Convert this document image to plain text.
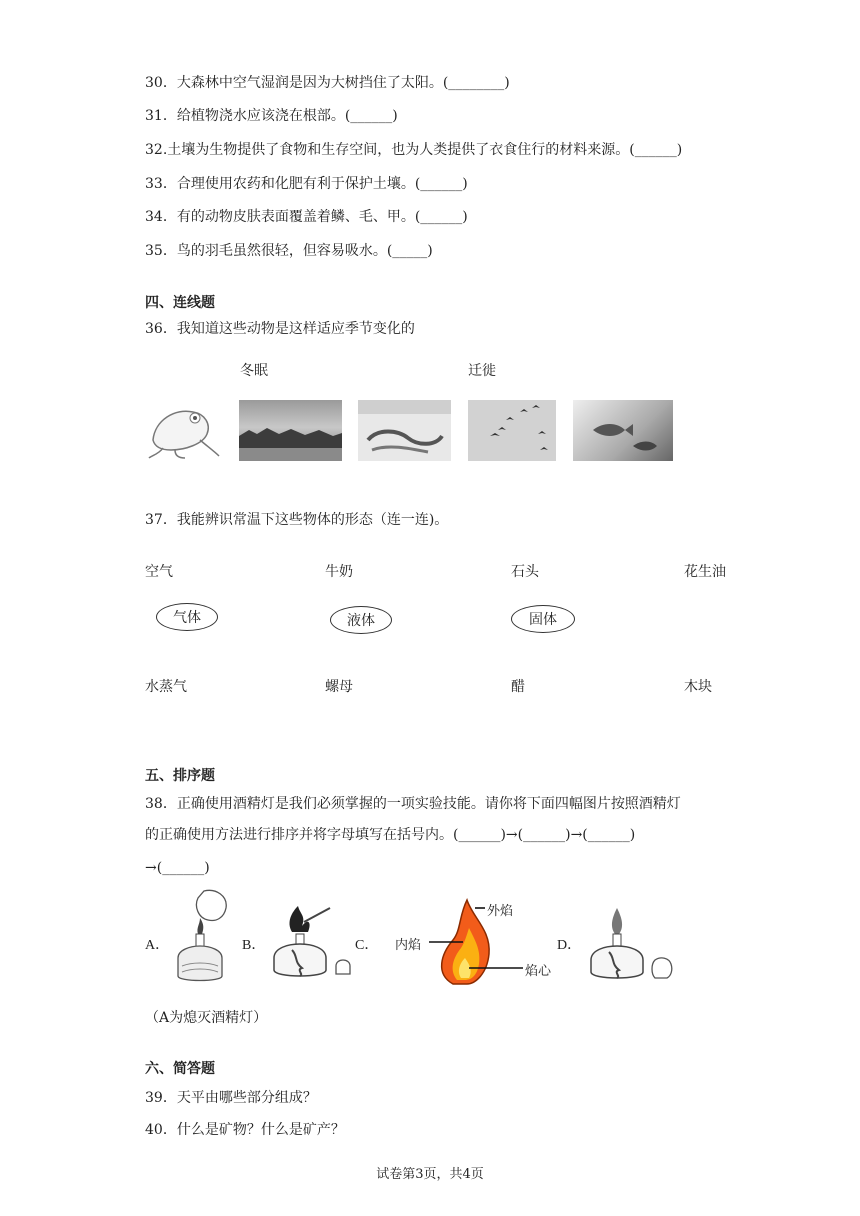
30．大森林中空气湿润是因为大树挡住了太阳。(________)
31．给植物浇水应该浇在根部。(______)
32.土壤为生物提供了食物和生存空间，也为人类提供了衣食住行的材料来源。(______)
33．合理使用农药和化肥有利于保护土壤。(______)
34．有的动物皮肤表面覆盖着鳞、毛、甲。(______)
35．鸟的羽毛虽然很轻，但容易吸水。(_____)
四、连线题
36．我知道这些动物是这样适应季节变化的
冬眠	迁徙
37．我能辨识常温下这些物体的形态（连一连)。
空气	牛奶	石头	花生油
气体	液体	固体
水蒸气	螺母	醋	木块
五、排序题
38．正确使用酒精灯是我们必须掌握的一项实验技能。请你将下面四幅图片按照酒精灯
的正确使用方法进行排序并将字母填写在括号内。(______)→(______)→(______)
→(______)
A．	B．	C．	D．
外焰
内焰
焰心
（A为熄灭酒精灯）
六、简答题
39．天平由哪些部分组成？
40．什么是矿物？什么是矿产？
试卷第3页，共4页
